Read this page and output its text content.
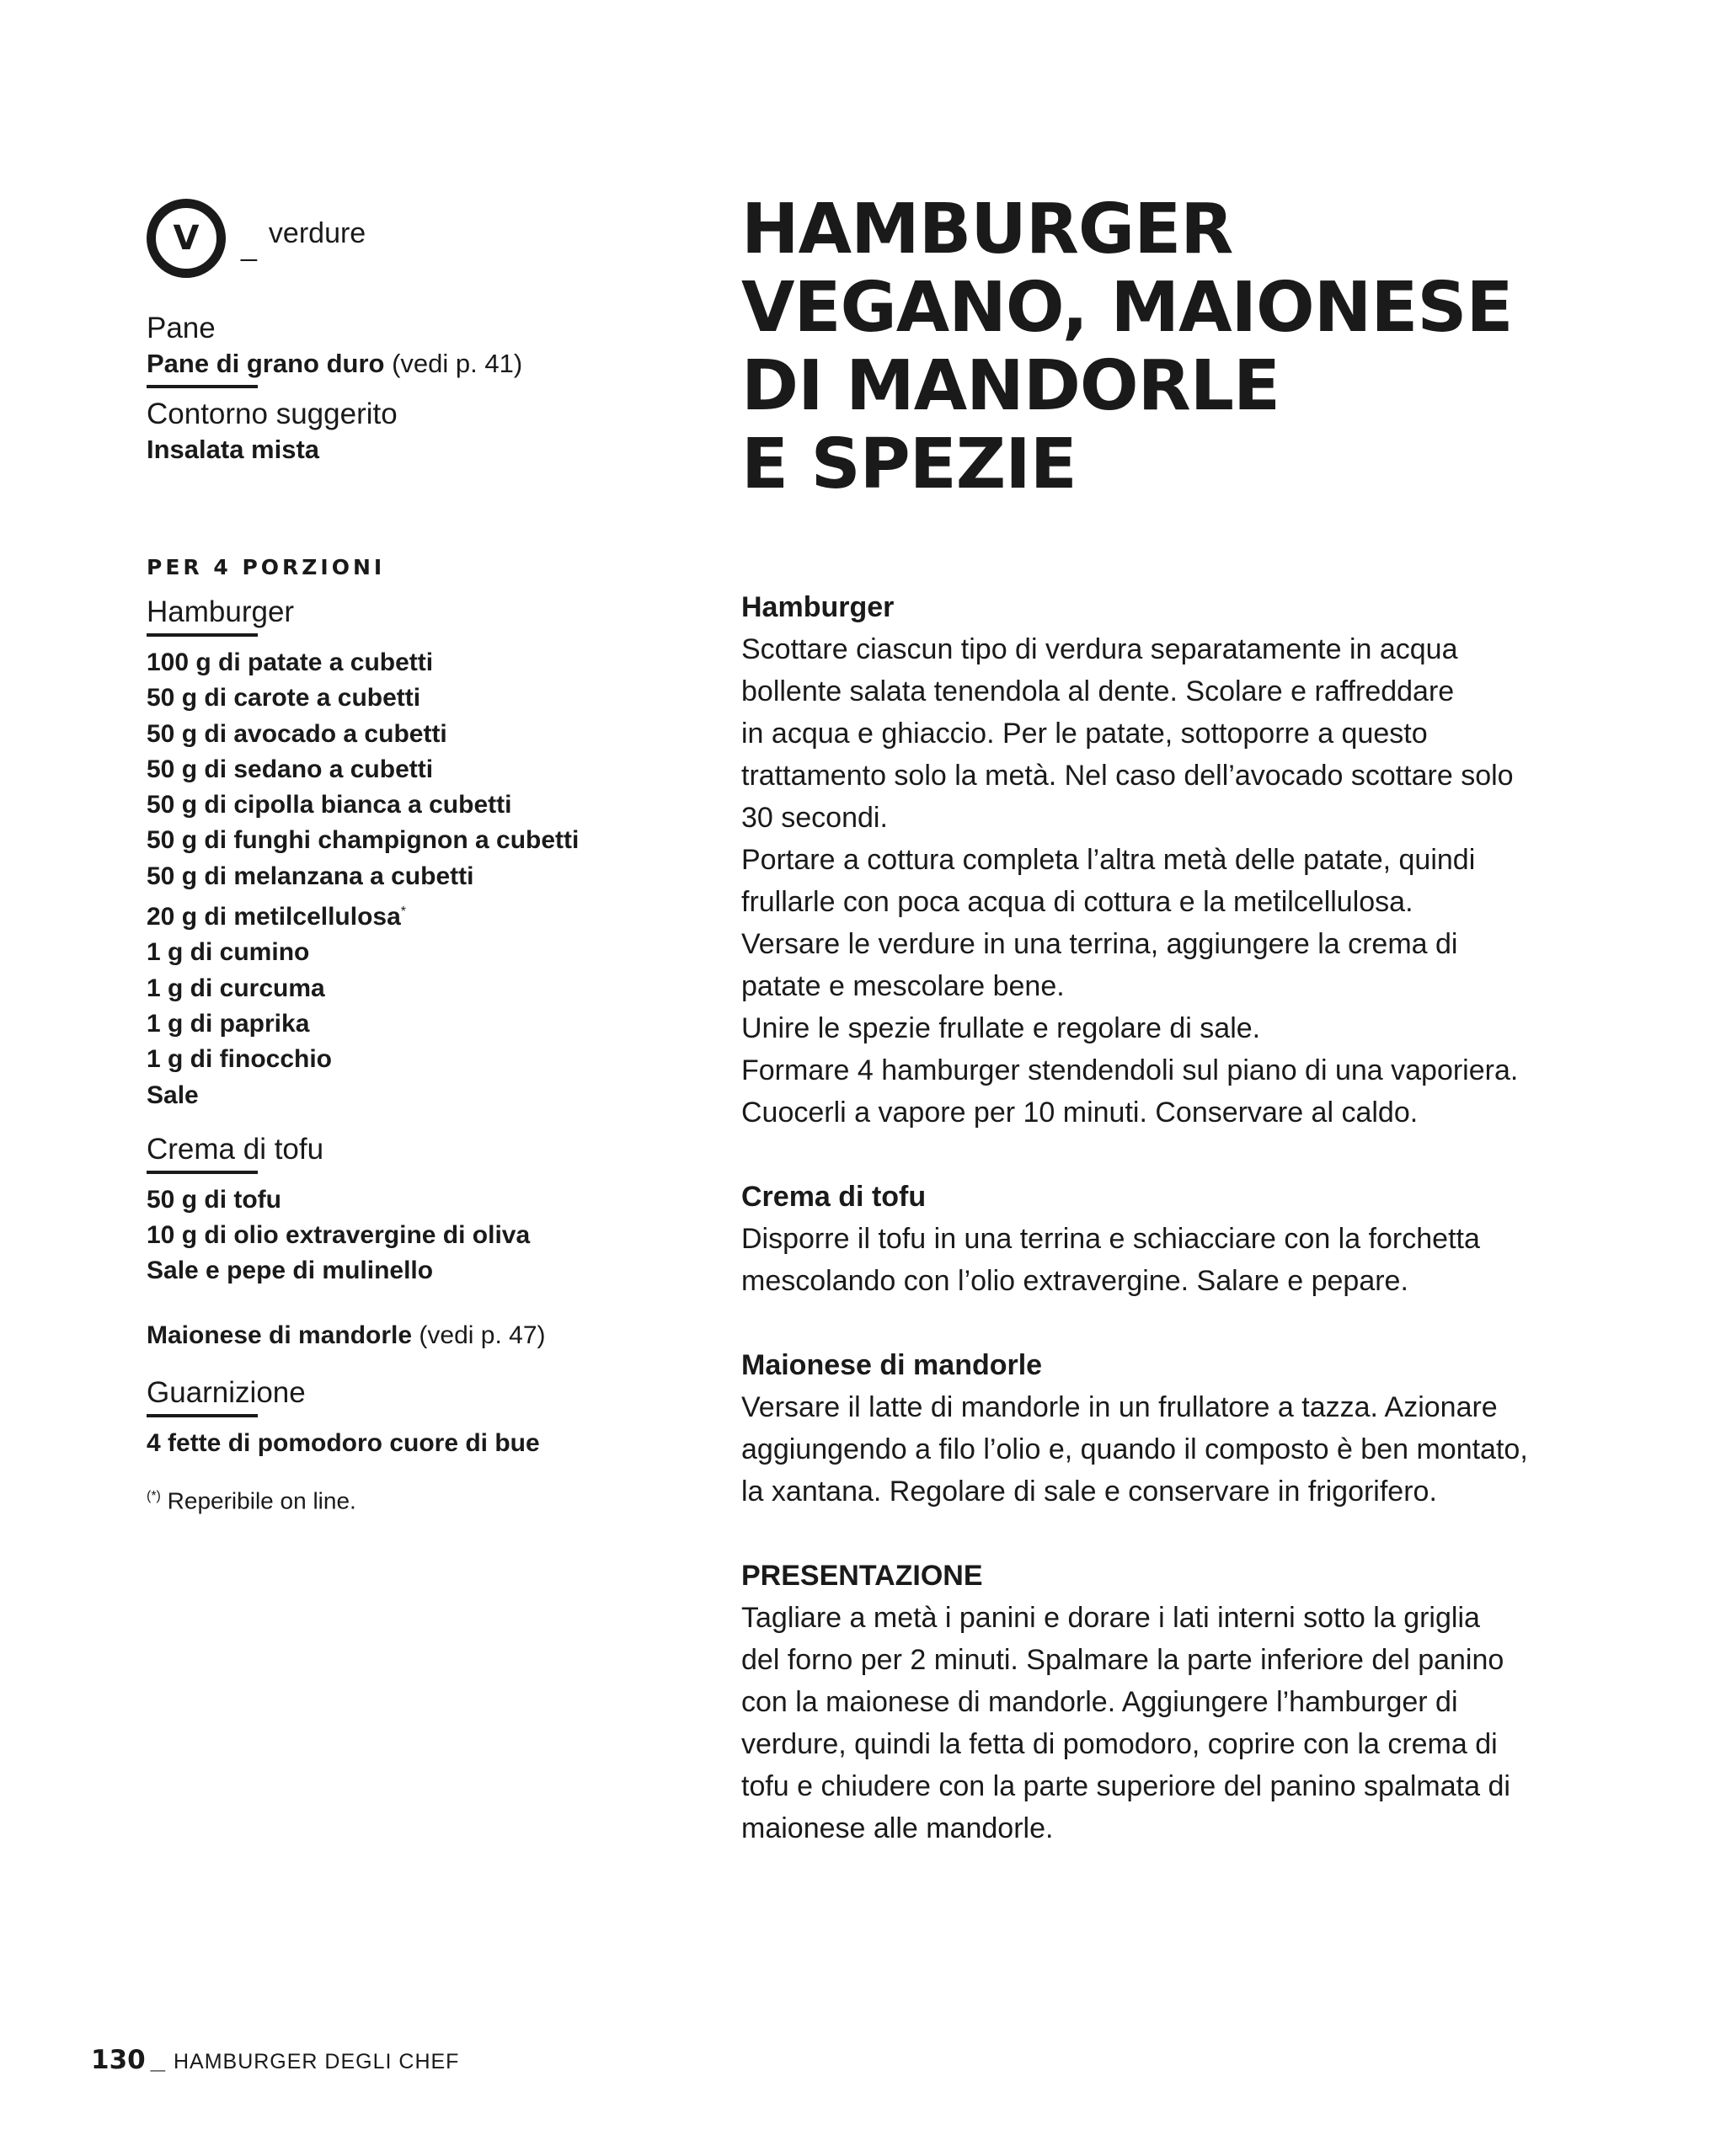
V _ verdure
Pane
Pane di grano duro (vedi p. 41)
Contorno suggerito
Insalata mista
PER 4 PORZIONI
Hamburger
100 g di patate a cubetti
50 g di carote a cubetti
50 g di avocado a cubetti
50 g di sedano a cubetti
50 g di cipolla bianca a cubetti
50 g di funghi champignon a cubetti
50 g di melanzana a cubetti
20 g di metilcellulosa*
1 g di cumino
1 g di curcuma
1 g di paprika
1 g di finocchio
Sale
Crema di tofu
50 g di tofu
10 g di olio extravergine di oliva
Sale e pepe di mulinello
Maionese di mandorle (vedi p. 47)
Guarnizione
4 fette di pomodoro cuore di bue
(*) Reperibile on line.
HAMBURGER
VEGANO, MAIONESE
DI MANDORLE
E SPEZIE
Hamburger
Scottare ciascun tipo di verdura separatamente in acqua
bollente salata tenendola al dente. Scolare e raffreddare
in acqua e ghiaccio. Per le patate, sottoporre a questo
trattamento solo la metà. Nel caso dell’avocado scottare solo
30 secondi.
Portare a cottura completa l’altra metà delle patate, quindi
frullarle con poca acqua di cottura e la metilcellulosa.
Versare le verdure in una terrina, aggiungere la crema di
patate e mescolare bene.
Unire le spezie frullate e regolare di sale.
Formare 4 hamburger stendendoli sul piano di una vaporiera.
Cuocerli a vapore per 10 minuti. Conservare al caldo.
Crema di tofu
Disporre il tofu in una terrina e schiacciare con la forchetta
mescolando con l’olio extravergine. Salare e pepare.
Maionese di mandorle
Versare il latte di mandorle in un frullatore a tazza. Azionare
aggiungendo a filo l’olio e, quando il composto è ben montato,
la xantana. Regolare di sale e conservare in frigorifero.
PRESENTAZIONE
Tagliare a metà i panini e dorare i lati interni sotto la griglia
del forno per 2 minuti. Spalmare la parte inferiore del panino
con la maionese di mandorle. Aggiungere l’hamburger di
verdure, quindi la fetta di pomodoro, coprire con la crema di
tofu e chiudere con la parte superiore del panino spalmata di
maionese alle mandorle.
130 _ HAMBURGER DEGLI CHEF
